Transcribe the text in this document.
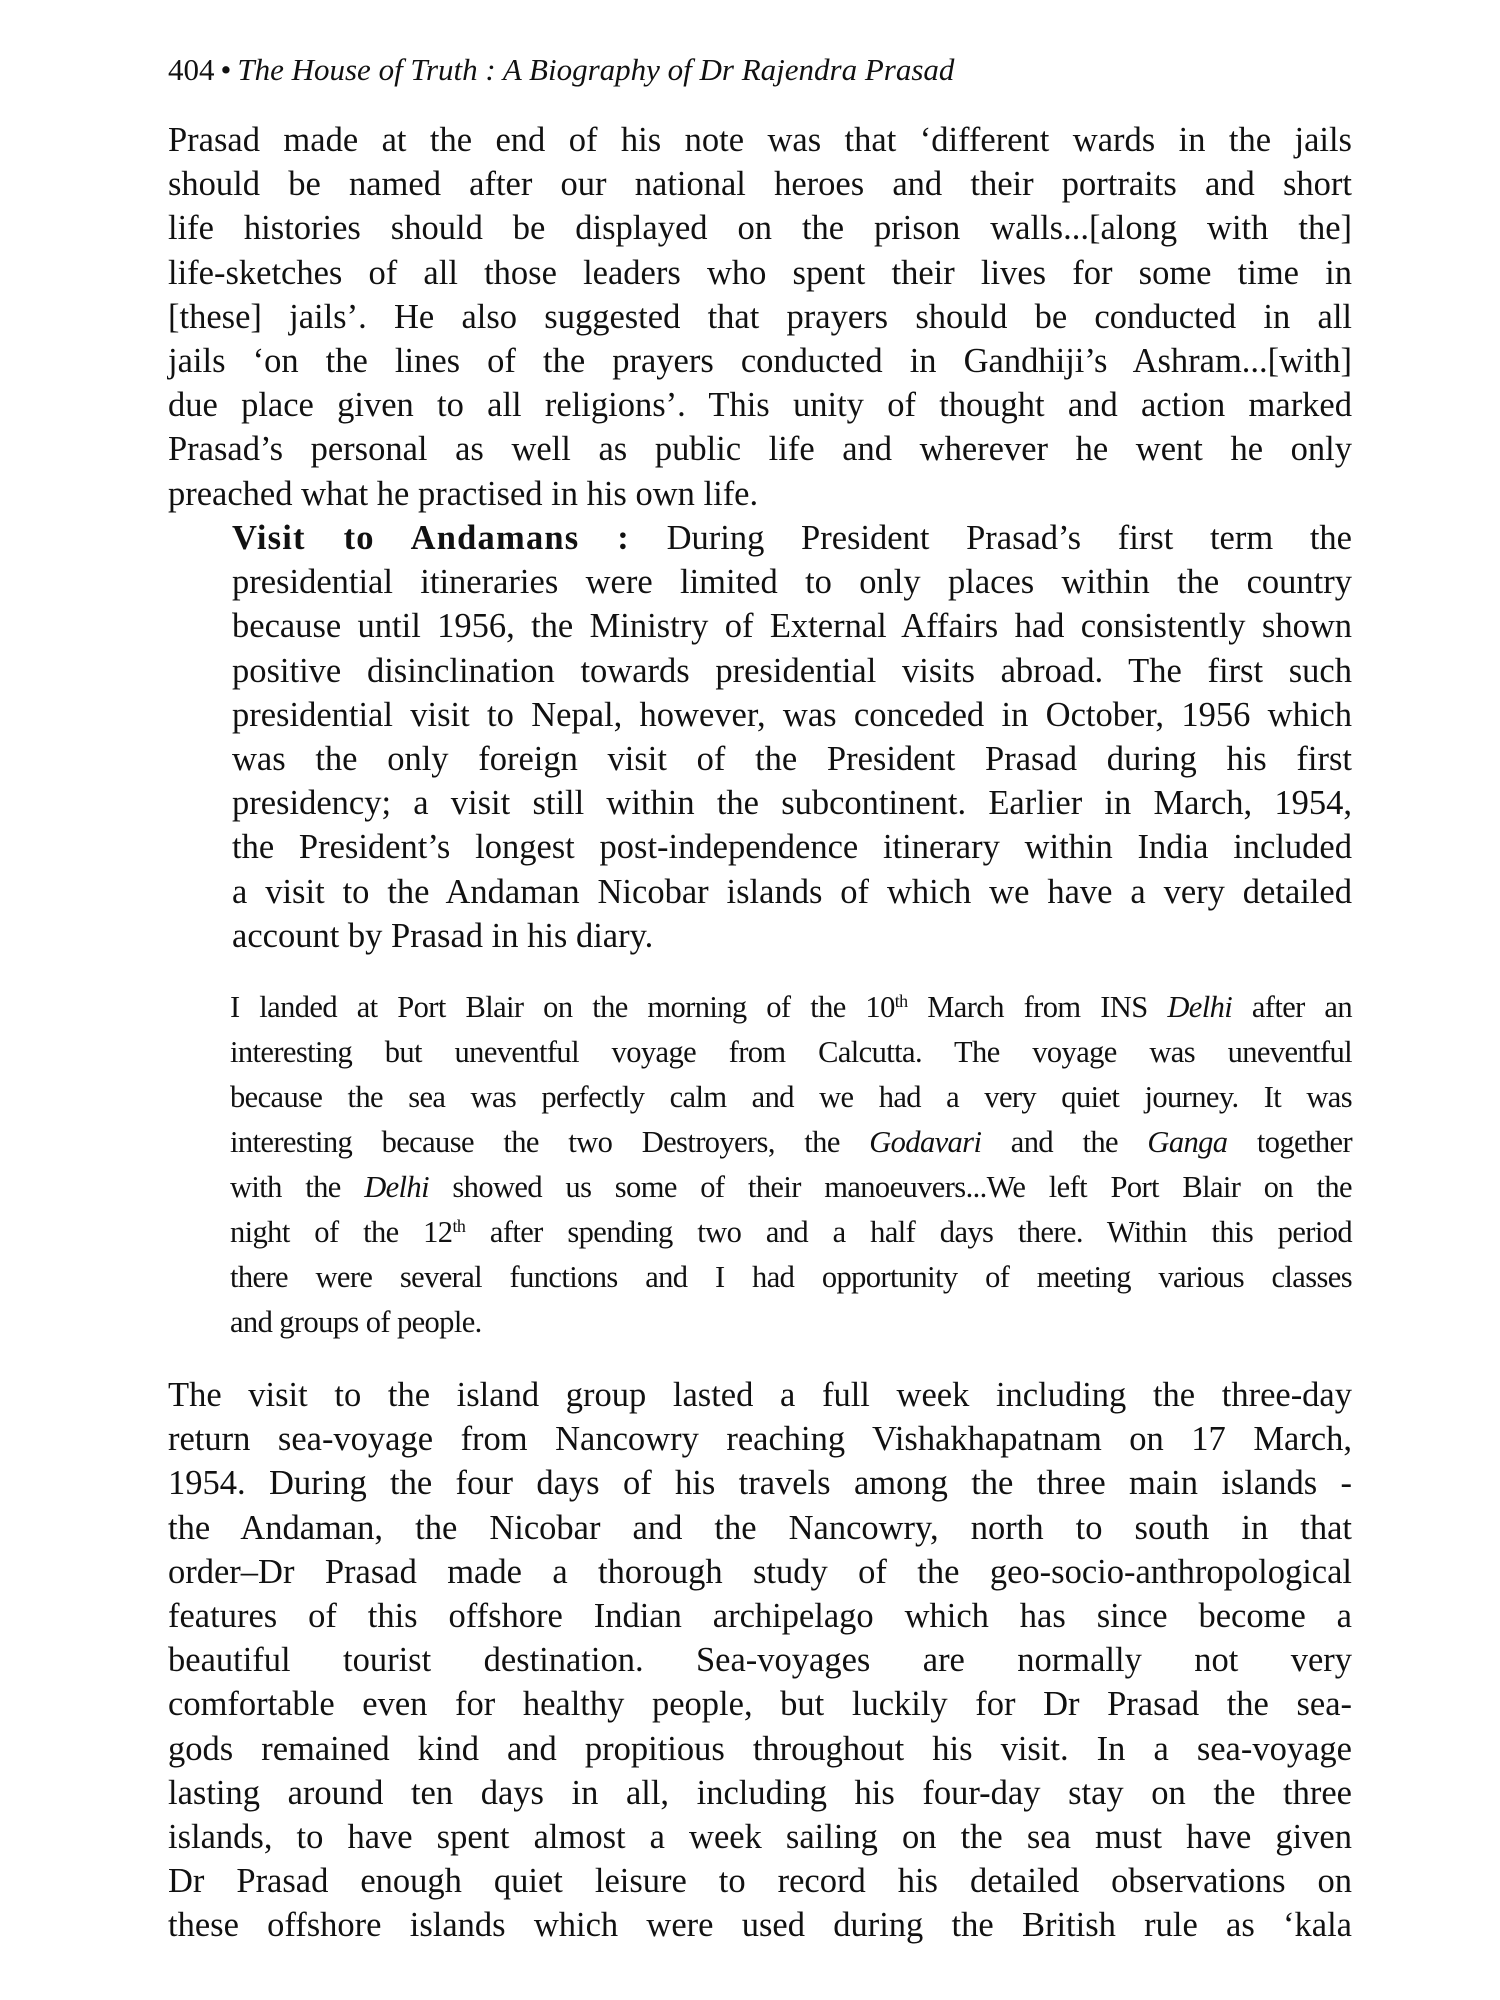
404 • The House of Truth : A Biography of Dr Rajendra Prasad

Prasad made at the end of his note was that ‘different wards in the jails
should be named after our national heroes and their portraits and short
life histories should be displayed on the prison walls...[along with the]
life-sketches of all those leaders who spent their lives for some time in
[these] jails’. He also suggested that prayers should be conducted in all
jails ‘on the lines of the prayers conducted in Gandhiji’s Ashram...[with]
due place given to all religions’. This unity of thought and action marked
Prasad’s personal as well as public life and wherever he went he only
preached what he practised in his own life.

Visit to Andamans : During President Prasad’s first term the
presidential itineraries were limited to only places within the country
because until 1956, the Ministry of External Affairs had consistently shown
positive disinclination towards presidential visits abroad. The first such
presidential visit to Nepal, however, was conceded in October, 1956 which
was the only foreign visit of the President Prasad during his first
presidency; a visit still within the subcontinent. Earlier in March, 1954,
the President’s longest post-independence itinerary within India included
a visit to the Andaman Nicobar islands of which we have a very detailed
account by Prasad in his diary.

I landed at Port Blair on the morning of the 10th March from INS Delhi after an
interesting but uneventful voyage from Calcutta. The voyage was uneventful
because the sea was perfectly calm and we had a very quiet journey. It was
interesting because the two Destroyers, the Godavari and the Ganga together
with the Delhi showed us some of their manoeuvers...We left Port Blair on the
night of the 12th after spending two and a half days there. Within this period
there were several functions and I had opportunity of meeting various classes
and groups of people.

The visit to the island group lasted a full week including the three-day
return sea-voyage from Nancowry reaching Vishakhapatnam on 17 March,
1954. During the four days of his travels among the three main islands -
the Andaman, the Nicobar and the Nancowry, north to south in that
order–Dr Prasad made a thorough study of the geo-socio-anthropological
features of this offshore Indian archipelago which has since become a
beautiful tourist destination. Sea-voyages are normally not very
comfortable even for healthy people, but luckily for Dr Prasad the sea-
gods remained kind and propitious throughout his visit. In a sea-voyage
lasting around ten days in all, including his four-day stay on the three
islands, to have spent almost a week sailing on the sea must have given
Dr Prasad enough quiet leisure to record his detailed observations on
these offshore islands which were used during the British rule as ‘kala
